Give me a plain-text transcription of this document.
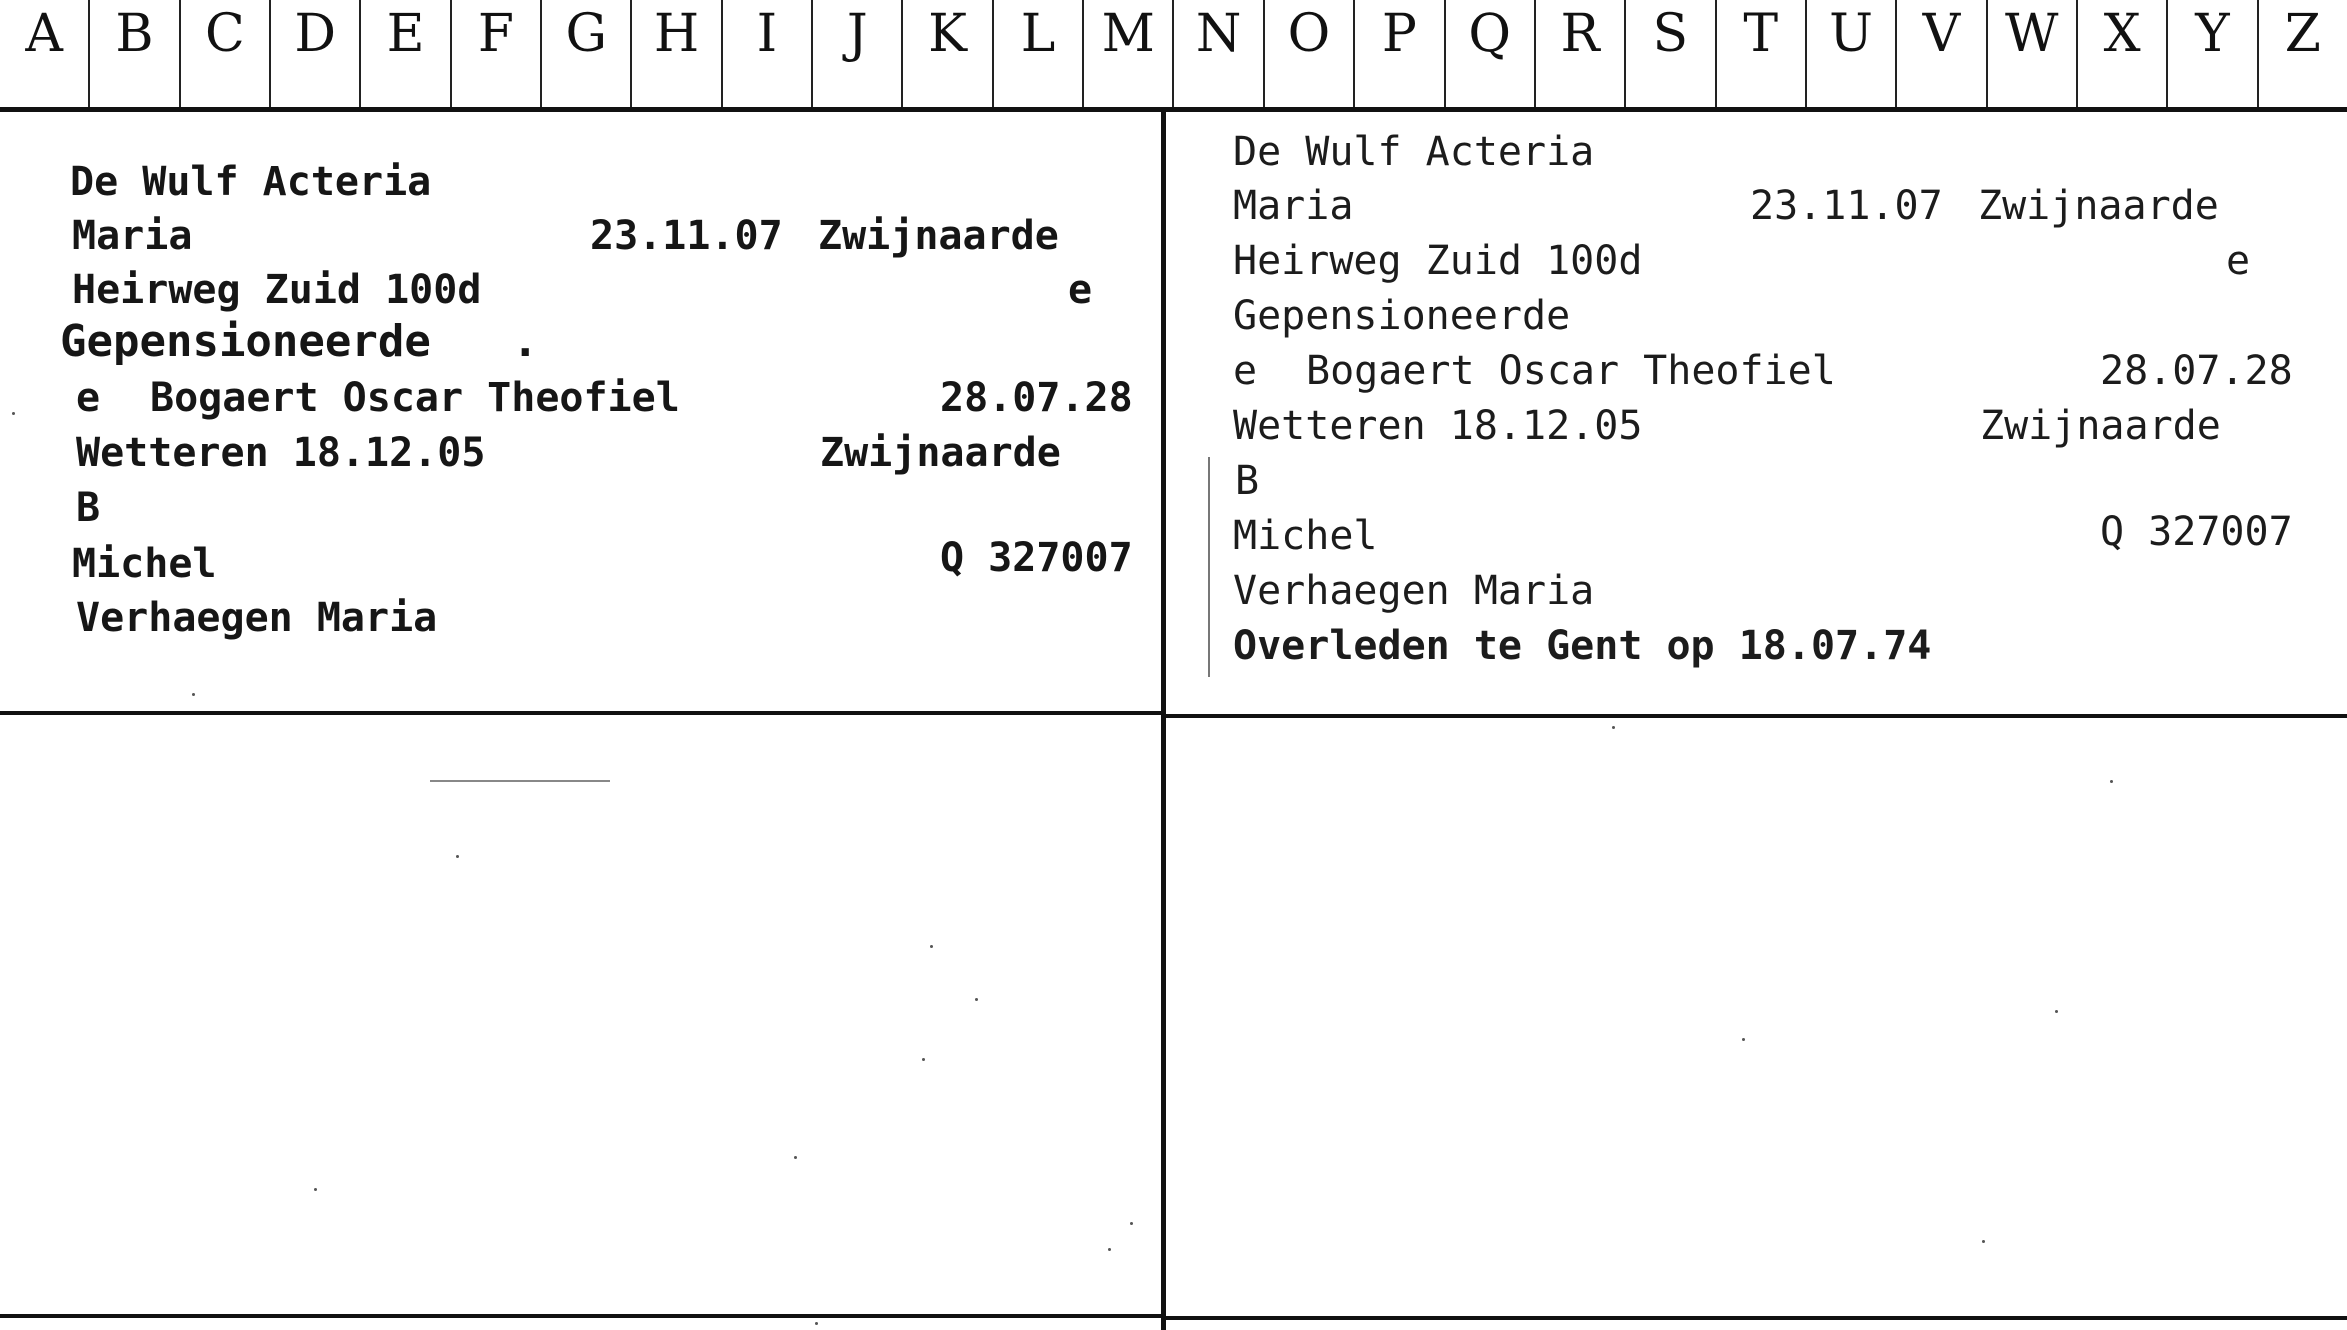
A	B C D E	F G H	I	J	K	L M N O P Q R	S	T U V W X	Y	Z
De Wulf Acteria
Maria	23.11.07 Zwijnaarde
Heirweg Zuid 100d	e
Gepensioneerde .
e Bogaert Oscar Theofiel	28.07.28
Wetteren 18.12.05	Zwijnaarde
B
Michel	Q 327007
Verhaegen Maria
De Wulf Acteria
Maria	23.11.07 Zwijnaarde
Heirweg Zuid 100d	e
Gepensioneerde
e Bogaert Oscar Theofiel	28.07.28
Wetteren 18.12.05	Zwijnaarde
B
Michel	Q 327007
Verhaegen Maria
Overleden te Gent op 18.07.74
